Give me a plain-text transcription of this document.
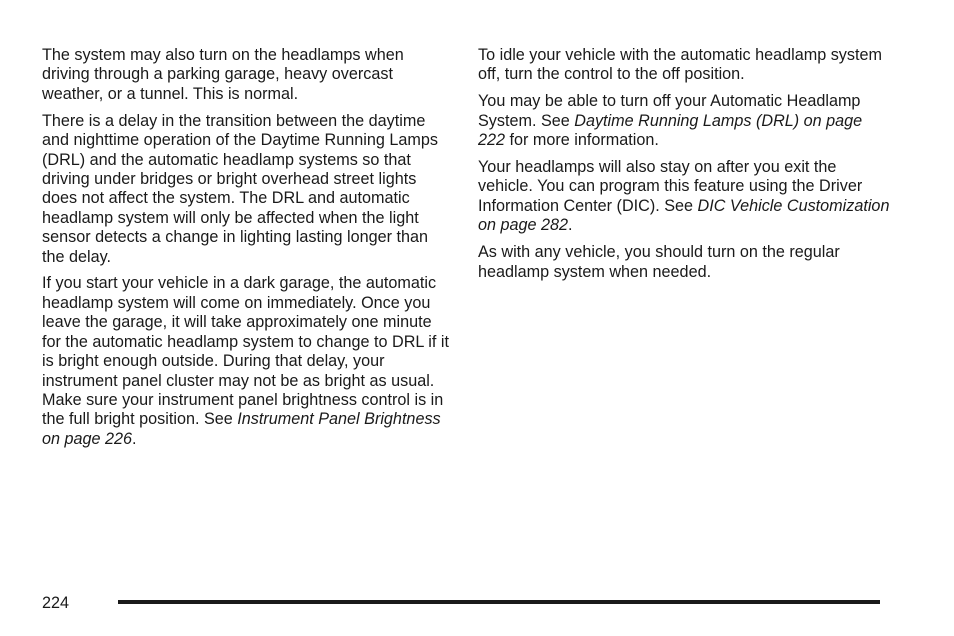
The system may also turn on the headlamps when driving through a parking garage, heavy overcast weather, or a tunnel. This is normal.

There is a delay in the transition between the daytime and nighttime operation of the Daytime Running Lamps (DRL) and the automatic headlamp systems so that driving under bridges or bright overhead street lights does not affect the system. The DRL and automatic headlamp system will only be affected when the light sensor detects a change in lighting lasting longer than the delay.

If you start your vehicle in a dark garage, the automatic headlamp system will come on immediately. Once you leave the garage, it will take approximately one minute for the automatic headlamp system to change to DRL if it is bright enough outside. During that delay, your instrument panel cluster may not be as bright as usual. Make sure your instrument panel brightness control is in the full bright position. See Instrument Panel Brightness on page 226.

To idle your vehicle with the automatic headlamp system off, turn the control to the off position.

You may be able to turn off your Automatic Headlamp System. See Daytime Running Lamps (DRL) on page 222 for more information.

Your headlamps will also stay on after you exit the vehicle. You can program this feature using the Driver Information Center (DIC). See DIC Vehicle Customization on page 282.

As with any vehicle, you should turn on the regular headlamp system when needed.

224
